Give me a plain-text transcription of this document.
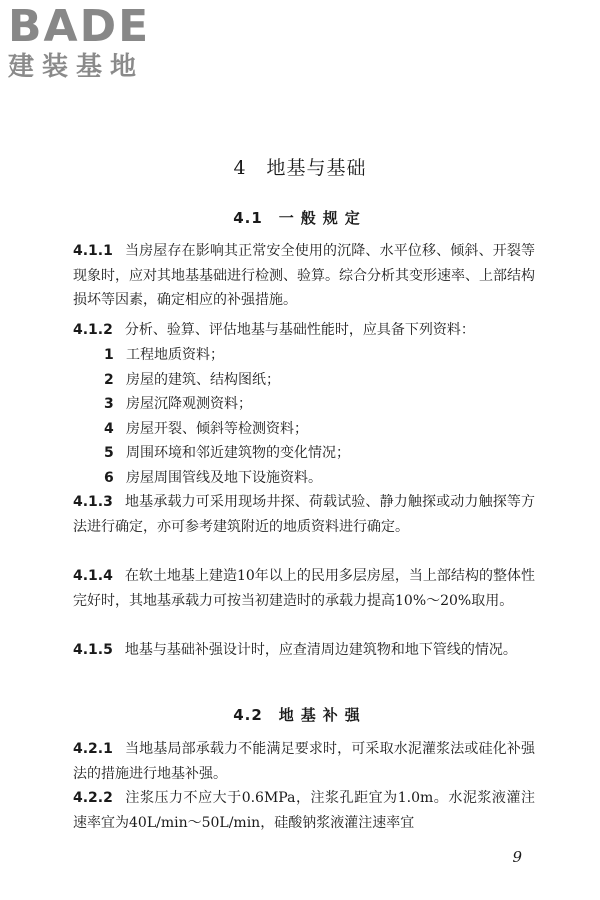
BADE
建装基地
4 地基与基础
4.1 一般规定
4.1.1 当房屋存在影响其正常安全使用的沉降、水平位移、倾斜、开裂等现象时，应对其地基基础进行检测、验算。综合分析其变形速率、上部结构损坏等因素，确定相应的补强措施。
4.1.2 分析、验算、评估地基与基础性能时，应具备下列资料：
1 工程地质资料；
2 房屋的建筑、结构图纸；
3 房屋沉降观测资料；
4 房屋开裂、倾斜等检测资料；
5 周围环境和邻近建筑物的变化情况；
6 房屋周围管线及地下设施资料。
4.1.3 地基承载力可采用现场井探、荷载试验、静力触探或动力触探等方法进行确定，亦可参考建筑附近的地质资料进行确定。
4.1.4 在软土地基上建造10年以上的民用多层房屋，当上部结构的整体性完好时，其地基承载力可按当初建造时的承载力提高10%～20%取用。
4.1.5 地基与基础补强设计时，应查清周边建筑物和地下管线的情况。
4.2 地基补强
4.2.1 当地基局部承载力不能满足要求时，可采取水泥灌浆法或硅化补强法的措施进行地基补强。
4.2.2 注浆压力不应大于0.6MPa，注浆孔距宜为1.0m。水泥浆液灌注速率宜为40L/min～50L/min，硅酸钠浆液灌注速率宜
9
